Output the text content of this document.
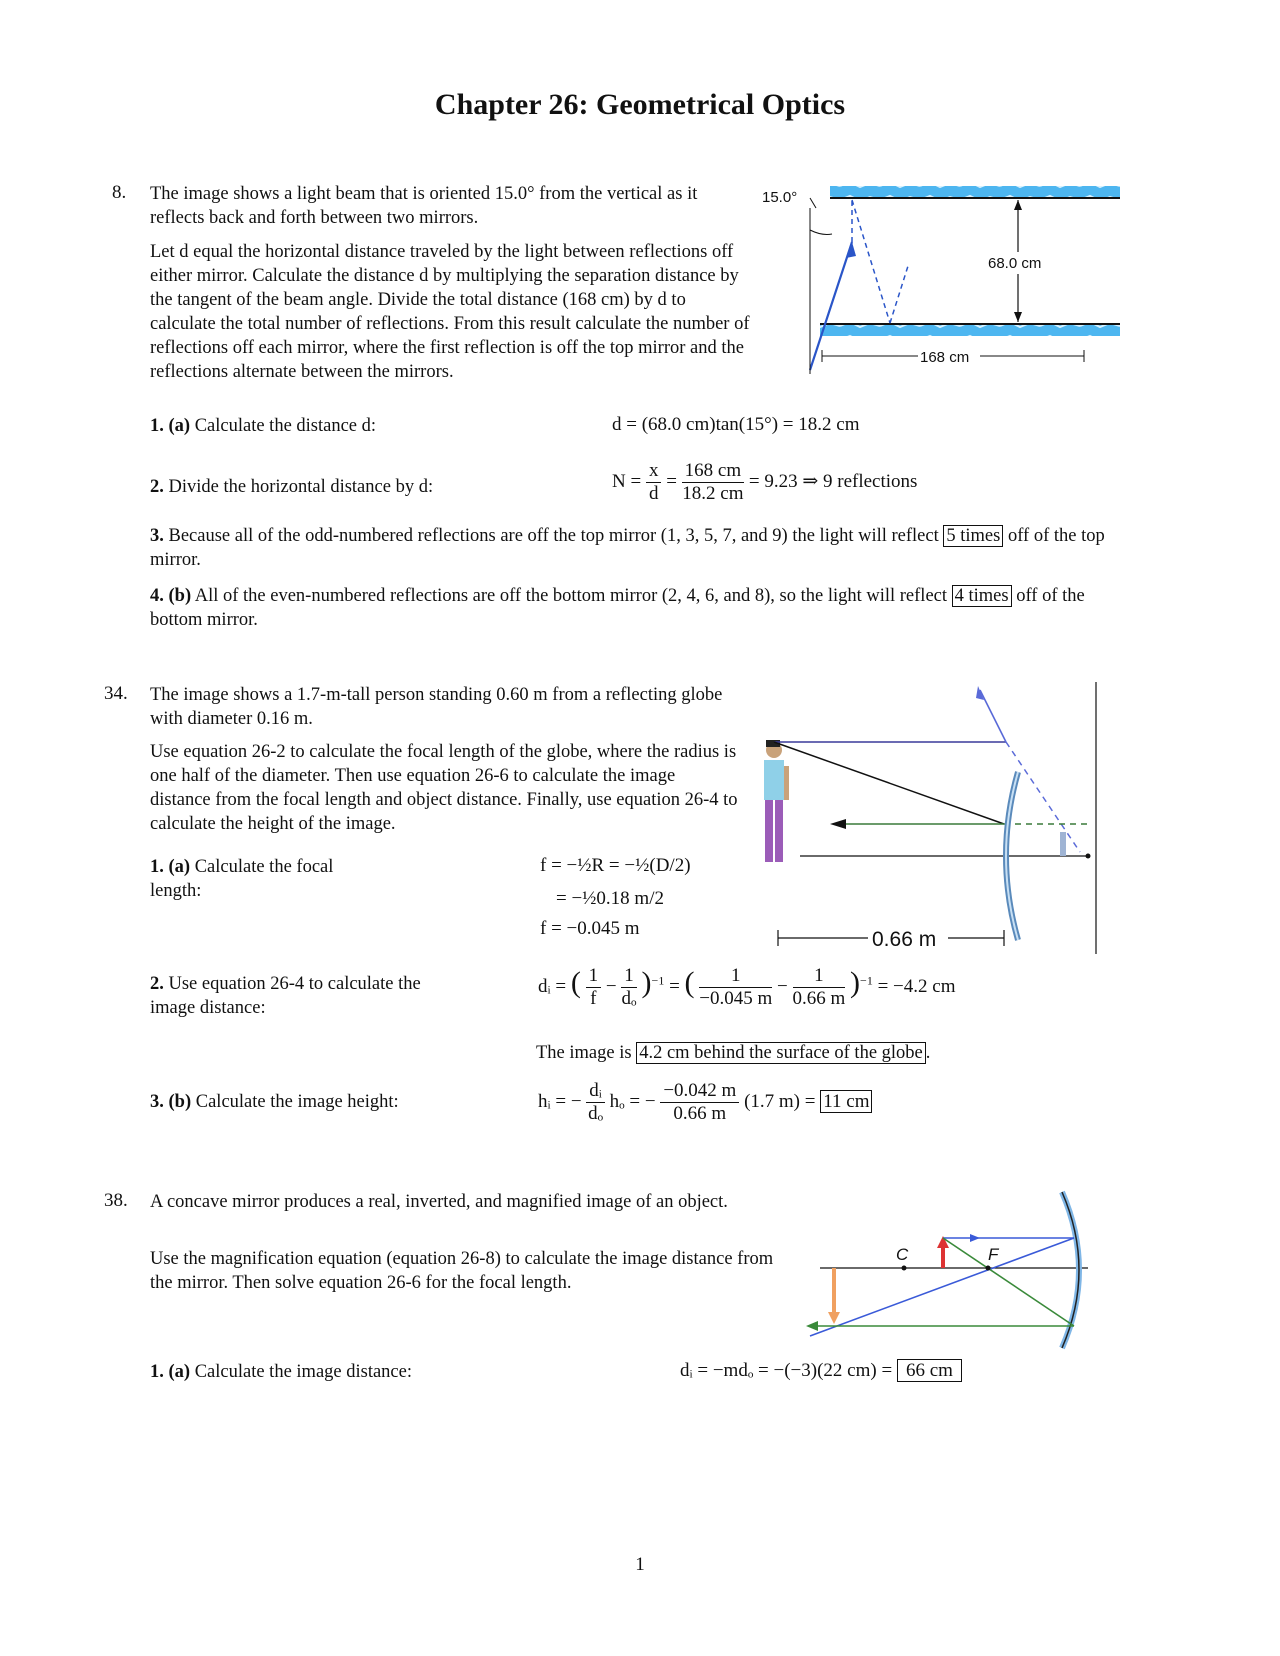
Chapter 26: Geometrical Optics
8. The image shows a light beam that is oriented 15.0° from the vertical as it reflects back and forth between two mirrors.
Let d equal the horizontal distance traveled by the light between reflections off either mirror. Calculate the distance d by multiplying the separation distance by the tangent of the beam angle. Divide the total distance (168 cm) by d to calculate the total number of reflections. From this result calculate the number of reflections off each mirror, where the first reflection is off the top mirror and the reflections alternate between the mirrors.
15.0°
68.0 cm
168 cm
1. (a) Calculate the distance d:	d = (68.0 cm)tan(15°) = 18.2 cm
2. Divide the horizontal distance by d:	$N = \frac{x}{d} = \frac{168 cm}{18.2 cm} = 9.23$ ⇒ 9 reflections
3. Because all of the odd-numbered reflections are off the top mirror (1, 3, 5, 7, and 9) the light will reflect 5 times off of the top mirror.
4. (b) All of the even-numbered reflections are off the bottom mirror (2, 4, 6, and 8), so the light will reflect 4 times off of the bottom mirror.
34. The image shows a 1.7-m-tall person standing 0.60 m from a reflecting globe with diameter 0.16 m.
Use equation 26-2 to calculate the focal length of the globe, where the radius is one half of the diameter. Then use equation 26-6 to calculate the image distance from the focal length and object distance. Finally, use equation 26-4 to calculate the height of the image.
0.66 m
1. (a) Calculate the focal length:
f = −½R = −½(D/2)
= −½0.18 m/2
f = −0.045 m
2. Use equation 26-4 to calculate the image distance:
dᵢ = ( $\frac{1}{f} - \frac{1}{\text{dₒ}} )^{-1}$ = ( $\frac{1}{-0.045 m} - \frac{1}{0.66 m} )^{-1} = -4.2$ cm
The image is 4.2 cm behind the surface of the globe .
3. (b) Calculate the image height:	hᵢ = − $\frac{\text{dᵢ}}{\text{dₒ}}$ hₒ = − $\frac{-0.042 m}{0.66 m} (1.7$ m) = 11 cm
38. A concave mirror produces a real, inverted, and magnified image of an object.
Use the magnification equation (equation 26-8) to calculate the image distance from the mirror. Then solve equation 26-6 for the focal length.
C	F
1. (a) Calculate the image distance:	dᵢ = −mdₒ = −(−3)(22 cm) = 66 cm
1
